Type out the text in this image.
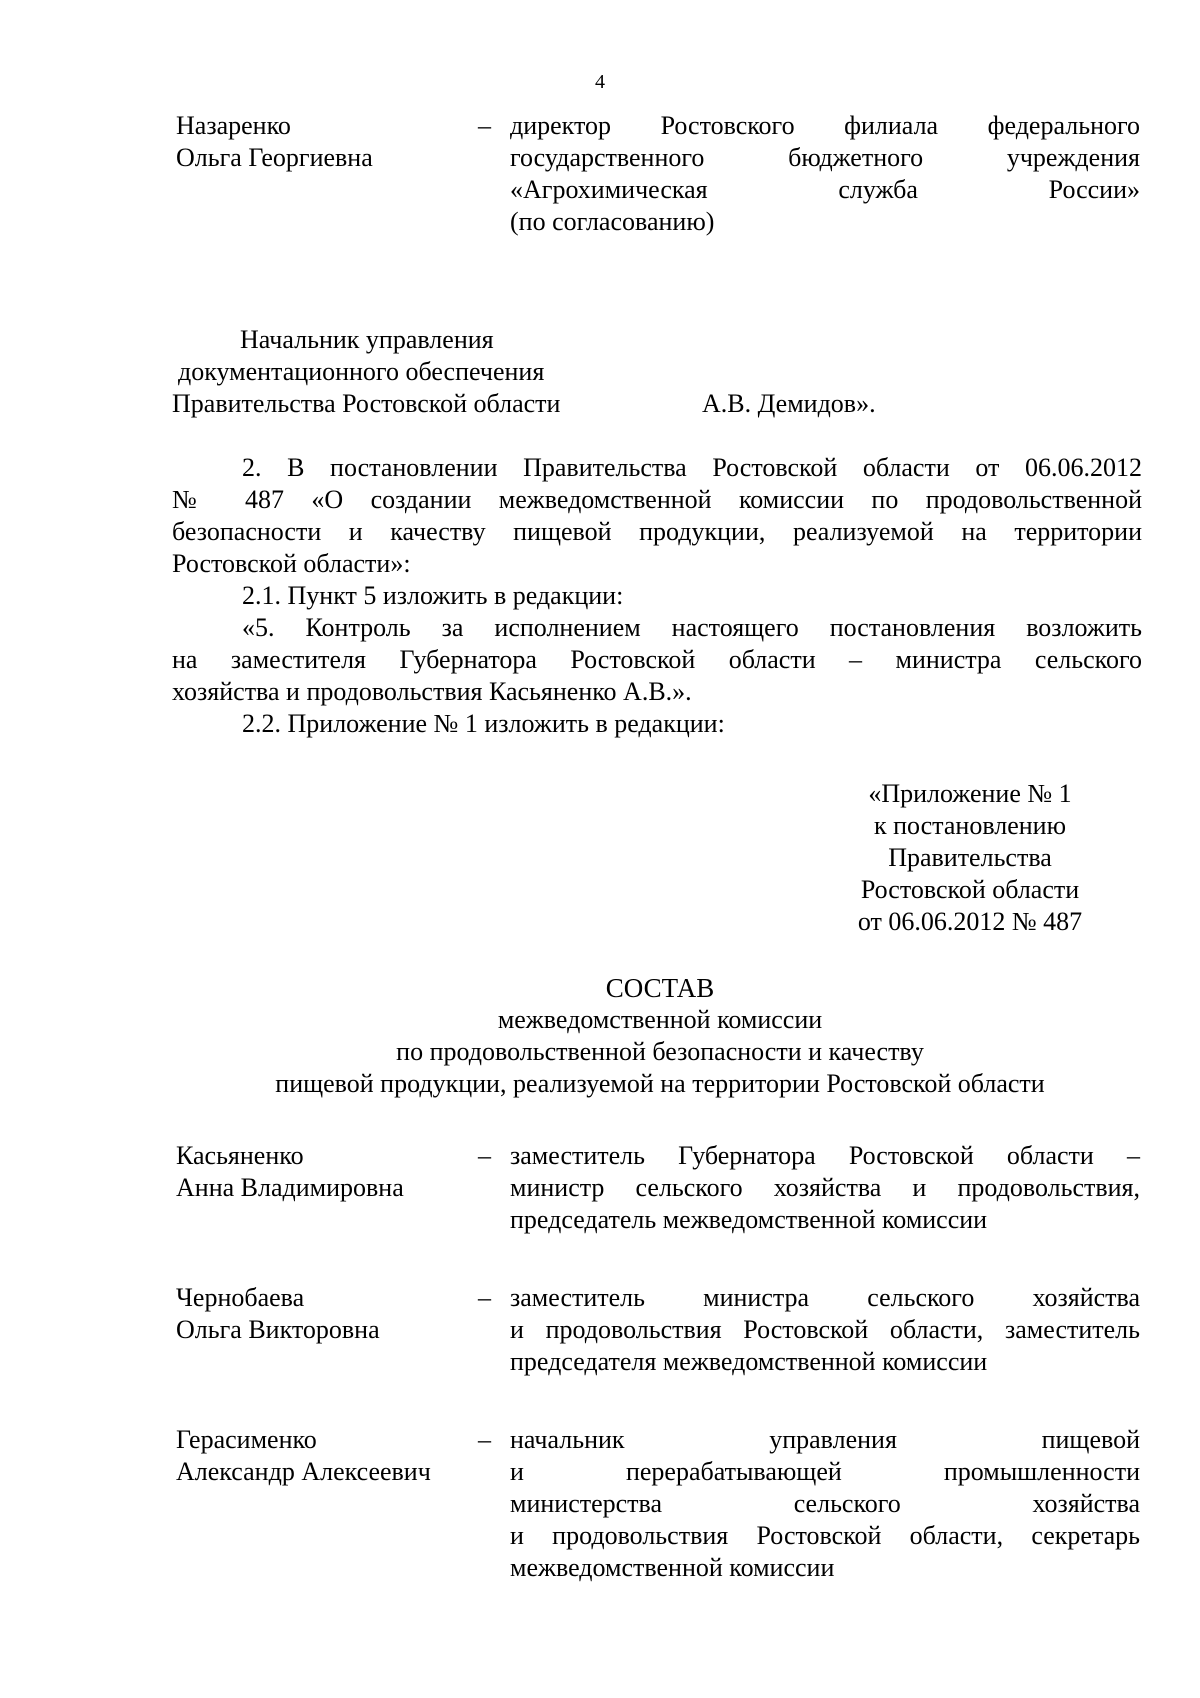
4
Назаренко
Ольга Георгиевна
– директор Ростовского филиала федерального
государственного бюджетного учреждения
«Агрохимическая служба России»
(по согласованию)
Начальник управления
документационного обеспечения
Правительства Ростовской области	А.В. Демидов».
2. В постановлении Правительства Ростовской области от 06.06.2012
№ 487 «О создании межведомственной комиссии по продовольственной
безопасности и качеству пищевой продукции, реализуемой на территории
Ростовской области»:
2.1. Пункт 5 изложить в редакции:
«5. Контроль за исполнением настоящего постановления возложить
на заместителя Губернатора Ростовской области – министра сельского
хозяйства и продовольствия Касьяненко А.В.».
2.2. Приложение № 1 изложить в редакции:
«Приложение № 1
к постановлению
Правительства
Ростовской области
от 06.06.2012 № 487
СОСТАВ
межведомственной комиссии
по продовольственной безопасности и качеству
пищевой продукции, реализуемой на территории Ростовской области
Касьяненко
Анна Владимировна
– заместитель Губернатора Ростовской области –
министр сельского хозяйства и продовольствия,
председатель межведомственной комиссии
Чернобаева
Ольга Викторовна
– заместитель министра сельского хозяйства
и продовольствия Ростовской области, заместитель
председателя межведомственной комиссии
Герасименко
Александр Алексеевич
– начальник управления пищевой
и перерабатывающей промышленности
министерства сельского хозяйства
и продовольствия Ростовской области, секретарь
межведомственной комиссии
